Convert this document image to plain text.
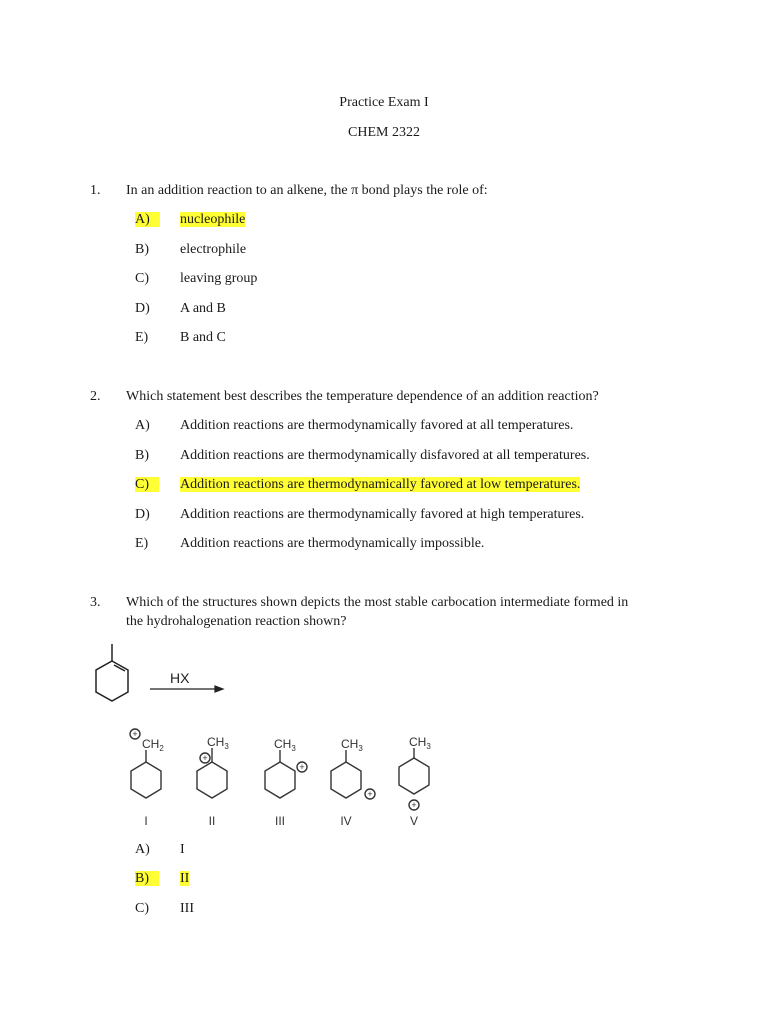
Practice Exam I
CHEM 2322
1. In an addition reaction to an alkene, the π bond plays the role of:
A)	nucleophile
B) electrophile
C) leaving group
D) A and B
E) B and C
2. Which statement best describes the temperature dependence of an addition reaction?
A) Addition reactions are thermodynamically favored at all temperatures.
B) Addition reactions are thermodynamically disfavored at all temperatures.
C)	Addition reactions are thermodynamically favored at low temperatures.
D) Addition reactions are thermodynamically favored at high temperatures.
E) Addition reactions are thermodynamically impossible.
3. Which of the structures shown depicts the most stable carbocation intermediate formed in
the hydrohalogenation reaction shown?
HX
+
+
+
+
+
$CH_2$	$CH_3$	$CH_3$	$CH_3$	$CH_3$
I	II	III	IV	V
A) I
B)	II
C) III
